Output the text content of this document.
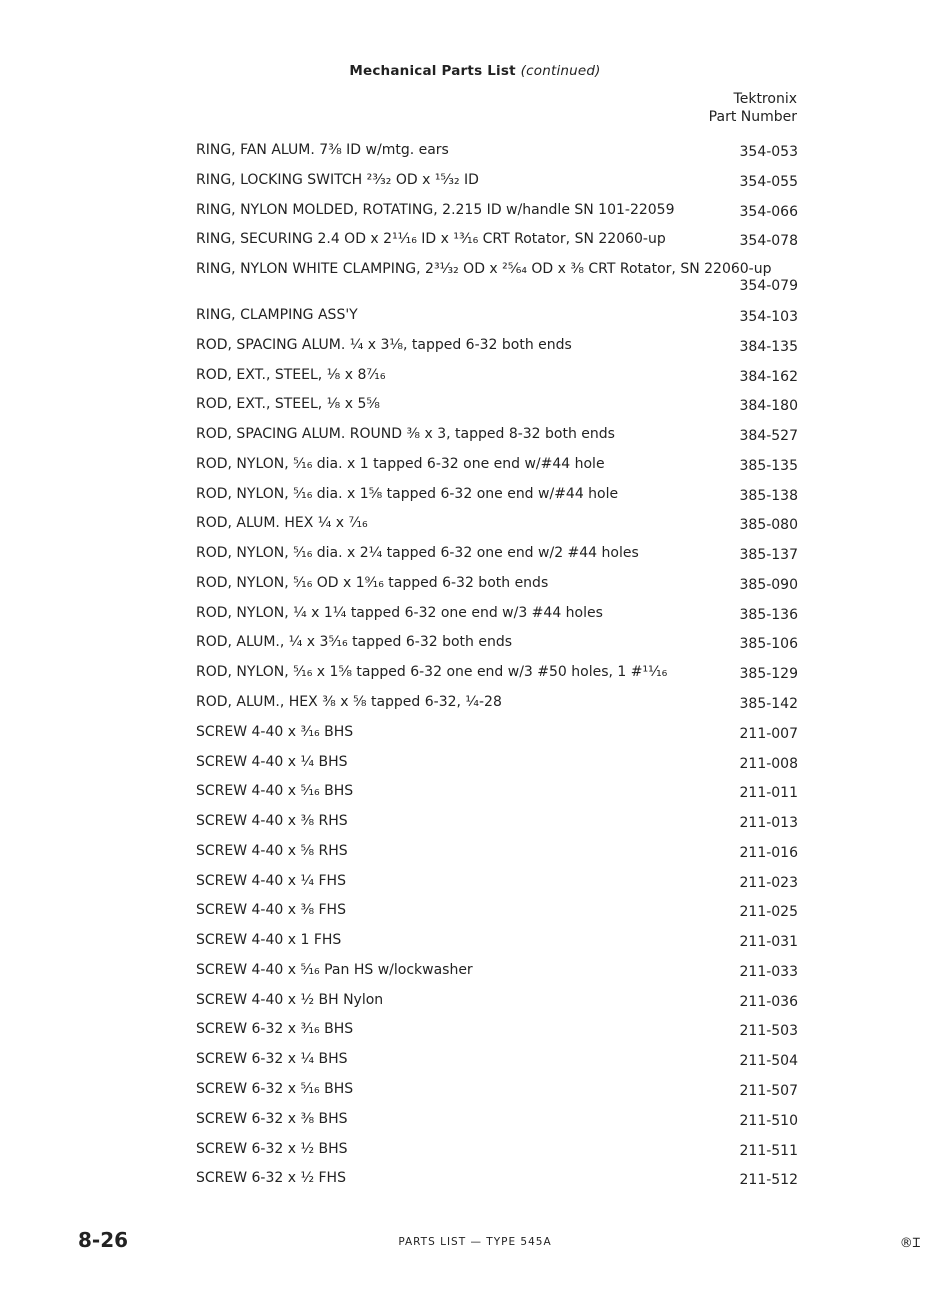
Mechanical Parts List (continued)
Tektronix
Part Number
RING, FAN ALUM. 7³⁄₈ ID w/mtg. ears	354-053
RING, LOCKING SWITCH ²³⁄₃₂ OD x ¹⁵⁄₃₂ ID	354-055
RING, NYLON MOLDED, ROTATING, 2.215 ID w/handle SN 101-22059	354-066
RING, SECURING 2.4 OD x 2¹¹⁄₁₆ ID x ¹³⁄₁₆ CRT Rotator, SN 22060-up	354-078
RING, NYLON WHITE CLAMPING, 2³¹⁄₃₂ OD x ²⁵⁄₆₄ OD x ³⁄₈ CRT Rotator, SN 22060-up
354-079
RING, CLAMPING ASS'Y	354-103
ROD, SPACING ALUM. ¹⁄₄ x 3¹⁄₈, tapped 6-32 both ends	384-135
ROD, EXT., STEEL, ¹⁄₈ x 8⁷⁄₁₆	384-162
ROD, EXT., STEEL, ¹⁄₈ x 5⁵⁄₈	384-180
ROD, SPACING ALUM. ROUND ³⁄₈ x 3, tapped 8-32 both ends	384-527
ROD, NYLON, ⁵⁄₁₆ dia. x 1 tapped 6-32 one end w/#44 hole	385-135
ROD, NYLON, ⁵⁄₁₆ dia. x 1⁵⁄₈ tapped 6-32 one end w/#44 hole	385-138
ROD, ALUM. HEX ¹⁄₄ x ⁷⁄₁₆	385-080
ROD, NYLON, ⁵⁄₁₆ dia. x 2¹⁄₄ tapped 6-32 one end w/2 #44 holes	385-137
ROD, NYLON, ⁵⁄₁₆ OD x 1⁹⁄₁₆ tapped 6-32 both ends	385-090
ROD, NYLON, ¹⁄₄ x 1¹⁄₄ tapped 6-32 one end w/3 #44 holes	385-136
ROD, ALUM., ¹⁄₄ x 3⁵⁄₁₆ tapped 6-32 both ends	385-106
ROD, NYLON, ⁵⁄₁₆ x 1⁵⁄₈ tapped 6-32 one end w/3 #50 holes, 1 #¹¹⁄₁₆	385-129
ROD, ALUM., HEX ³⁄₈ x ⁵⁄₈ tapped 6-32, ¹⁄₄-28	385-142
SCREW 4-40 x ³⁄₁₆ BHS	211-007
SCREW 4-40 x ¹⁄₄ BHS	211-008
SCREW 4-40 x ⁵⁄₁₆ BHS	211-011
SCREW 4-40 x ³⁄₈ RHS	211-013
SCREW 4-40 x ⁵⁄₈ RHS	211-016
SCREW 4-40 x ¹⁄₄ FHS	211-023
SCREW 4-40 x ³⁄₈ FHS	211-025
SCREW 4-40 x 1 FHS	211-031
SCREW 4-40 x ⁵⁄₁₆ Pan HS w/lockwasher	211-033
SCREW 4-40 x ¹⁄₂ BH Nylon	211-036
SCREW 6-32 x ³⁄₁₆ BHS	211-503
SCREW 6-32 x ¹⁄₄ BHS	211-504
SCREW 6-32 x ⁵⁄₁₆ BHS	211-507
SCREW 6-32 x ³⁄₈ BHS	211-510
SCREW 6-32 x ¹⁄₂ BHS	211-511
SCREW 6-32 x ¹⁄₂ FHS	211-512
8-26	PARTS LIST — TYPE 545A	®Ɪ
